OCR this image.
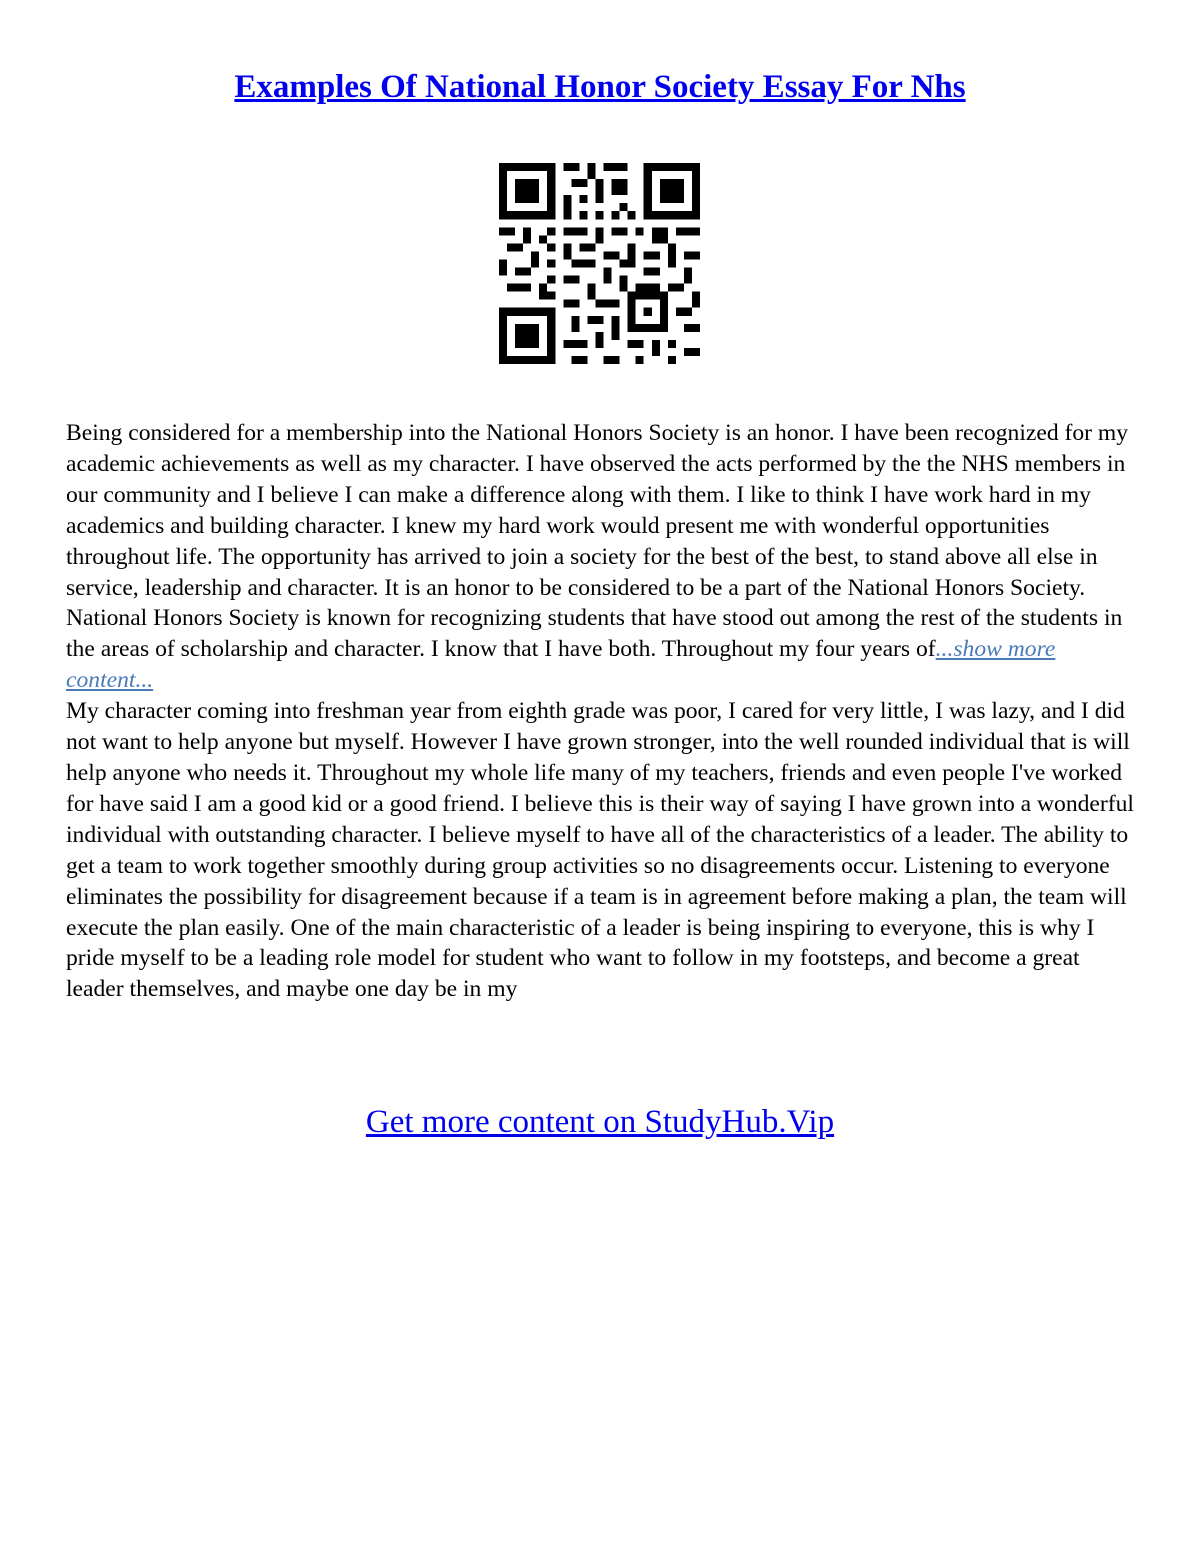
Examples Of National Honor Society Essay For Nhs

Being considered for a membership into the National Honors Society is an honor. I have been recognized for my academic achievements as well as my character. I have observed the acts performed by the the NHS members in our community and I believe I can make a difference along with them. I like to think I have work hard in my academics and building character. I knew my hard work would present me with wonderful opportunities throughout life. The opportunity has arrived to join a society for the best of the best, to stand above all else in service, leadership and character. It is an honor to be considered to be a part of the National Honors Society. National Honors Society is known for recognizing students that have stood out among the rest of the students in the areas of scholarship and character. I know that I have both. Throughout my four years of...show more content...

My character coming into freshman year from eighth grade was poor, I cared for very little, I was lazy, and I did not want to help anyone but myself. However I have grown stronger, into the well rounded individual that is will help anyone who needs it. Throughout my whole life many of my teachers, friends and even people I've worked for have said I am a good kid or a good friend. I believe this is their way of saying I have grown into a wonderful individual with outstanding character. I believe myself to have all of the characteristics of a leader. The ability to get a team to work together smoothly during group activities so no disagreements occur. Listening to everyone eliminates the possibility for disagreement because if a team is in agreement before making a plan, the team will execute the plan easily. One of the main characteristic of a leader is being inspiring to everyone, this is why I pride myself to be a leading role model for student who want to follow in my footsteps, and become a great leader themselves, and maybe one day be in my

Get more content on StudyHub.Vip
